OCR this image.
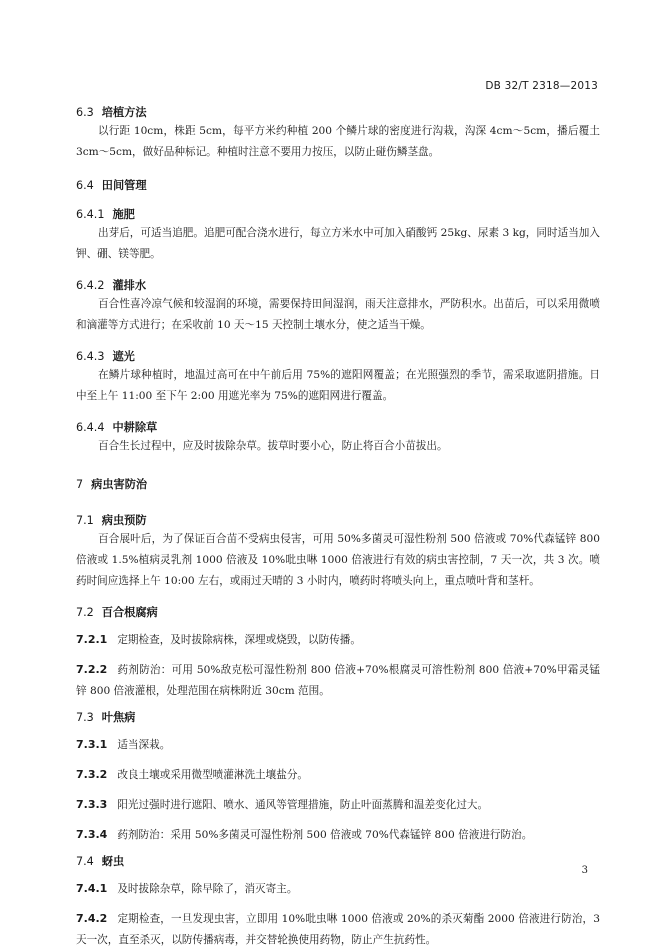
DB 32/T 2318—2013
6.3 培植方法

以行距 10cm，株距 5cm，每平方米约种植 200 个鳞片球的密度进行沟栽，沟深 4cm～5cm，播后覆土 3cm～5cm，做好品种标记。种植时注意不要用力按压，以防止碰伤鳞茎盘。

6.4 田间管理
6.4.1 施肥

出芽后，可适当追肥。追肥可配合浇水进行，每立方米水中可加入硝酸钙 25kg、尿素 3 kg，同时适当加入钾、硼、镁等肥。

6.4.2 灌排水

百合性喜冷凉气候和较湿润的环境，需要保持田间湿润，雨天注意排水，严防积水。出苗后，可以采用微喷和滴灌等方式进行；在采收前 10 天～15 天控制土壤水分，使之适当干燥。

6.4.3 遮光

在鳞片球种植时，地温过高可在中午前后用 75%的遮阳网覆盖；在光照强烈的季节，需采取遮阴措施。日中至上午 11:00 至下午 2:00 用遮光率为 75%的遮阳网进行覆盖。

6.4.4 中耕除草

百合生长过程中，应及时拔除杂草。拔草时要小心，防止将百合小苗拔出。

7 病虫害防治
7.1 病虫预防

百合展叶后，为了保证百合苗不受病虫侵害，可用 50%多菌灵可湿性粉剂 500 倍液或 70%代森锰锌 800 倍液或 1.5%植病灵乳剂 1000 倍液及 10%吡虫啉 1000 倍液进行有效的病虫害控制，7 天一次，共 3 次。喷药时间应选择上午 10:00 左右，或雨过天晴的 3 小时内，喷药时将喷头向上，重点喷叶背和茎杆。

7.2 百合根腐病

7.2.1 定期检查，及时拔除病株，深埋或烧毁，以防传播。

7.2.2 药剂防治：可用 50%敌克松可湿性粉剂 800 倍液+70%根腐灵可溶性粉剂 800 倍液+70%甲霜灵锰锌 800 倍液灌根，处理范围在病株附近 30cm 范围。

7.3 叶焦病

7.3.1 适当深栽。

7.3.2 改良土壤或采用微型喷灌淋洗土壤盐分。

7.3.3 阳光过强时进行遮阳、喷水、通风等管理措施，防止叶面蒸腾和温差变化过大。

7.3.4 药剂防治：采用 50%多菌灵可湿性粉剂 500 倍液或 70%代森锰锌 800 倍液进行防治。

7.4 蚜虫

7.4.1 及时拔除杂草，除早除了，消灭寄主。

7.4.2 定期检查，一旦发现虫害，立即用 10%吡虫啉 1000 倍液或 20%的杀灭菊酯 2000 倍液进行防治，3 天一次，直至杀灭，以防传播病毒，并交替轮换使用药物，防止产生抗药性。

3
